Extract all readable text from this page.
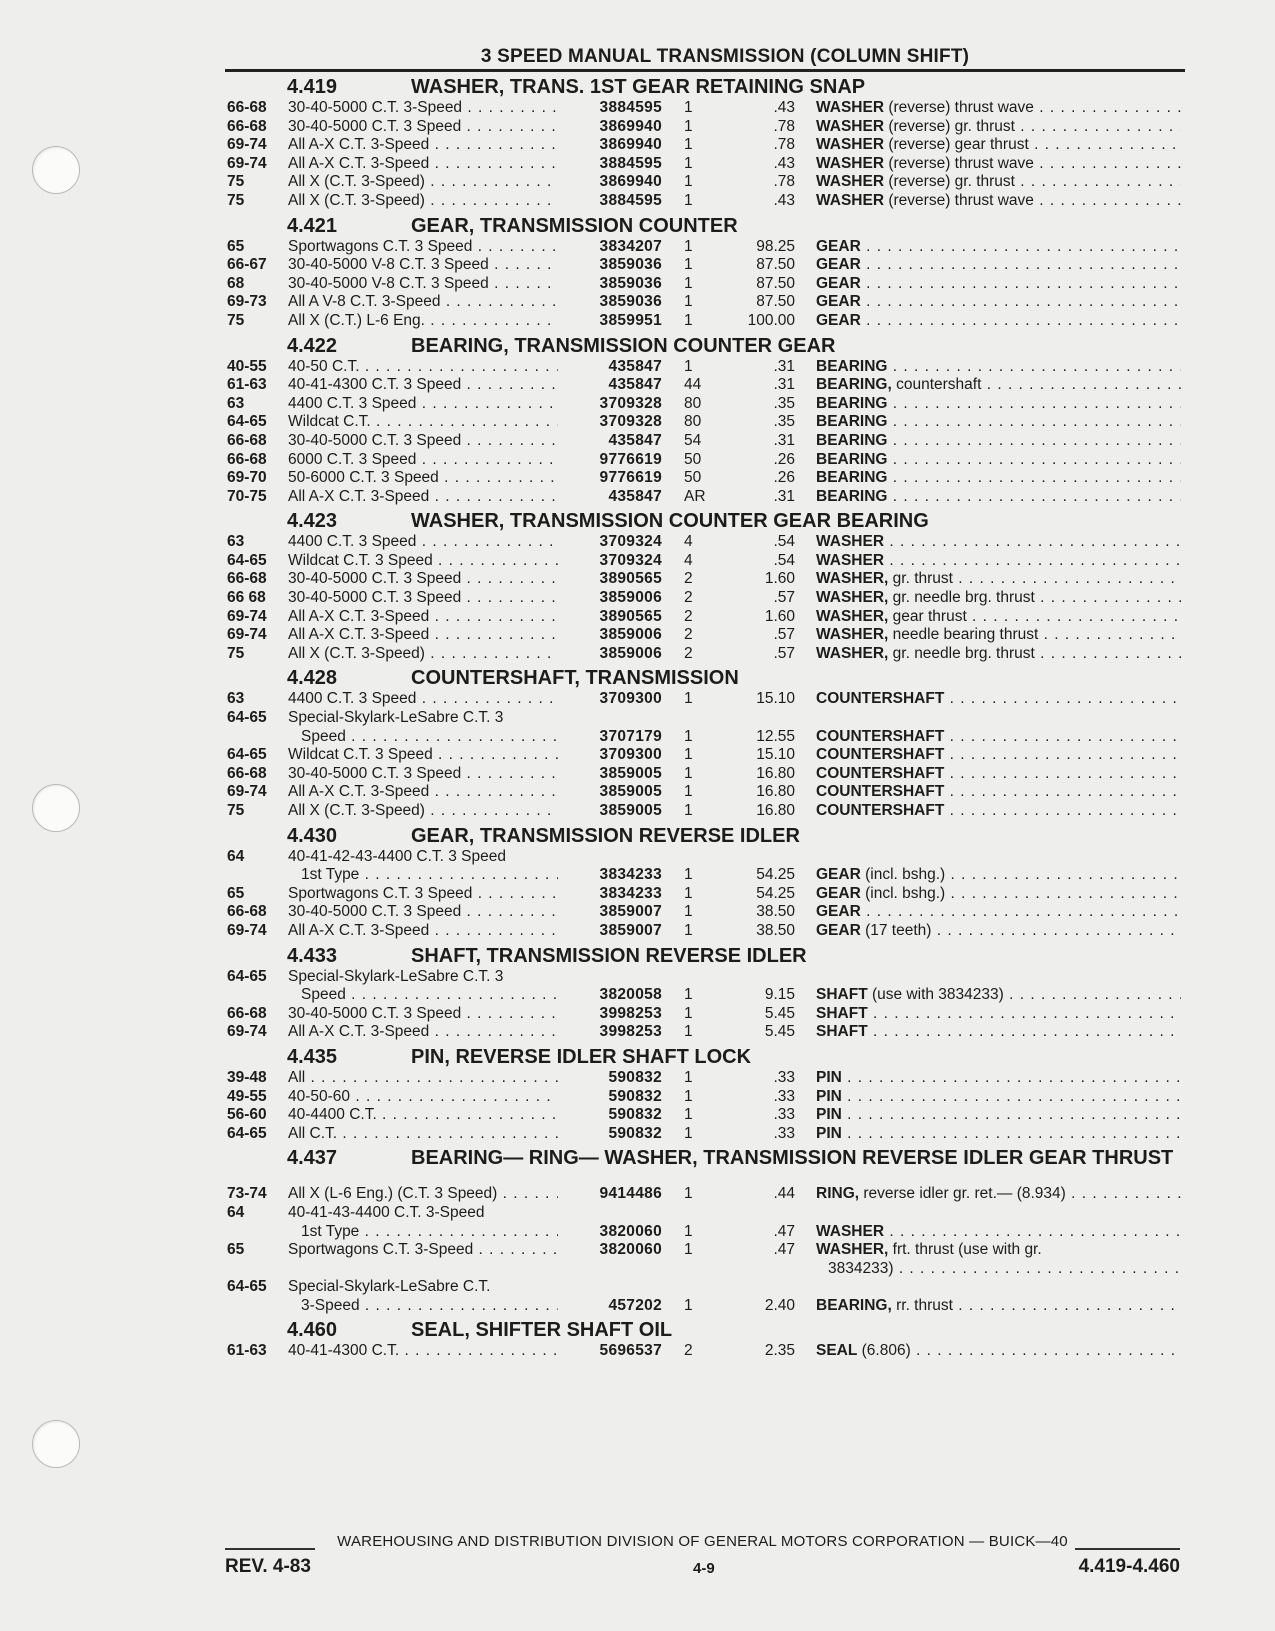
3 SPEED MANUAL TRANSMISSION (COLUMN SHIFT)
4.419	WASHER, TRANS. 1ST GEAR RETAINING SNAP
66-68 30-40-5000 C.T. 3-Speed . . .	3884595 1	.43 WASHER (reverse) thrust wave . . .
66-68 30-40-5000 C.T. 3 Speed . . .	3869940 1	.78 WASHER (reverse) gr. thrust . . .
69-74 All A-X C.T. 3-Speed . . .	3869940 1	.78 WASHER (reverse) gear thrust . . .
69-74 All A-X C.T. 3-Speed . . .	3884595 1	.43 WASHER (reverse) thrust wave . . .
75	All X (C.T. 3-Speed) . . .	3869940 1	.78 WASHER (reverse) gr. thrust . . .
75	All X (C.T. 3-Speed) . . .	3884595 1	.43 WASHER (reverse) thrust wave . . .
4.421	GEAR, TRANSMISSION COUNTER
65	Sportwagons C.T. 3 Speed . . .	3834207 1	98.25 GEAR . . .
66-67 30-40-5000 V-8 C.T. 3 Speed . . .	3859036 1	87.50 GEAR . . .
68	30-40-5000 V-8 C.T. 3 Speed . . .	3859036 1	87.50 GEAR . . .
69-73 All A V-8 C.T. 3-Speed . . .	3859036 1	87.50 GEAR . . .
75	All X (C.T.) L-6 Eng. . . .	3859951 1	100.00 GEAR . . .
4.422	BEARING, TRANSMISSION COUNTER GEAR
40-55 40-50 C.T. . . .	435847 1	.31 BEARING . . .
61-63 40-41-4300 C.T. 3 Speed . . .	435847 44	.31 BEARING, countershaft . . .
63	4400 C.T. 3 Speed . . .	3709328 80	.35 BEARING . . .
64-65 Wildcat C.T. . . .	3709328 80	.35 BEARING . . .
66-68 30-40-5000 C.T. 3 Speed . . .	435847 54	.31 BEARING . . .
66-68 6000 C.T. 3 Speed . . .	9776619 50	.26 BEARING . . .
69-70 50-6000 C.T. 3 Speed . . .	9776619 50	.26 BEARING . . .
70-75 All A-X C.T. 3-Speed . . .	435847 AR	.31 BEARING . . .
4.423	WASHER, TRANSMISSION COUNTER GEAR BEARING
63	4400 C.T. 3 Speed . . .	3709324 4	.54 WASHER . . .
64-65 Wildcat C.T. 3 Speed . . .	3709324 4	.54 WASHER . . .
66-68 30-40-5000 C.T. 3 Speed . . .	3890565 2	1.60 WASHER, gr. thrust . . .
66 68 30-40-5000 C.T. 3 Speed . . .	3859006 2	.57 WASHER, gr. needle brg. thrust . . .
69-74 All A-X C.T. 3-Speed . . .	3890565 2	1.60 WASHER, gear thrust . . .
69-74 All A-X C.T. 3-Speed . . .	3859006 2	.57 WASHER, needle bearing thrust . . .
75	All X (C.T. 3-Speed) . . .	3859006 2	.57 WASHER, gr. needle brg. thrust . . .
4.428	COUNTERSHAFT, TRANSMISSION
63	4400 C.T. 3 Speed . . .	3709300 1	15.10 COUNTERSHAFT . . .
64-65 Special-Skylark-LeSabre C.T. 3
Speed . . .	3707179 1	12.55 COUNTERSHAFT . . .
64-65 Wildcat C.T. 3 Speed . . .	3709300 1	15.10 COUNTERSHAFT . . .
66-68 30-40-5000 C.T. 3 Speed . . .	3859005 1	16.80 COUNTERSHAFT . . .
69-74 All A-X C.T. 3-Speed . . .	3859005 1	16.80 COUNTERSHAFT . . .
75	All X (C.T. 3-Speed) . . .	3859005 1	16.80 COUNTERSHAFT . . .
4.430	GEAR, TRANSMISSION REVERSE IDLER
64	40-41-42-43-4400 C.T. 3 Speed
1st Type . . .	3834233 1	54.25 GEAR (incl. bshg.) . . .
65	Sportwagons C.T. 3 Speed . . .	3834233 1	54.25 GEAR (incl. bshg.) . . .
66-68 30-40-5000 C.T. 3 Speed . . .	3859007 1	38.50 GEAR . . .
69-74 All A-X C.T. 3-Speed . . .	3859007 1	38.50 GEAR (17 teeth) . . .
4.433	SHAFT, TRANSMISSION REVERSE IDLER
64-65 Special-Skylark-LeSabre C.T. 3
Speed . . .	3820058 1	9.15 SHAFT (use with 3834233) . . .
66-68 30-40-5000 C.T. 3 Speed . . .	3998253 1	5.45 SHAFT . . .
69-74 All A-X C.T. 3-Speed . . .	3998253 1	5.45 SHAFT . . .
4.435	PIN, REVERSE IDLER SHAFT LOCK
39-48 All . . .	590832 1	.33 PIN . . .
49-55 40-50-60 . . .	590832 1	.33 PIN . . .
56-60 40-4400 C.T. . . .	590832 1	.33 PIN . . .
64-65 All C.T. . . .	590832 1	.33 PIN . . .
4.437	BEARING— RING— WASHER, TRANSMISSION REVERSE IDLER GEAR THRUST
73-74 All X (L-6 Eng.) (C.T. 3 Speed) . . .	9414486 1	.44 RING, reverse idler gr. ret.— (8.934) . . .
64	40-41-43-4400 C.T. 3-Speed
1st Type . . .	3820060 1	.47 WASHER . . .
65	Sportwagons C.T. 3-Speed . . .	3820060 1	.47 WASHER, frt. thrust (use with gr.
3834233) . . .
64-65 Special-Skylark-LeSabre C.T.
3-Speed . . .	457202 1	2.40 BEARING, rr. thrust . . .
4.460	SEAL, SHIFTER SHAFT OIL
61-63 40-41-4300 C.T. . . .	5696537 2	2.35 SEAL (6.806) . . .
WAREHOUSING AND DISTRIBUTION DIVISION OF GENERAL MOTORS CORPORATION — BUICK—40
REV. 4-83	4-9	4.419-4.460
